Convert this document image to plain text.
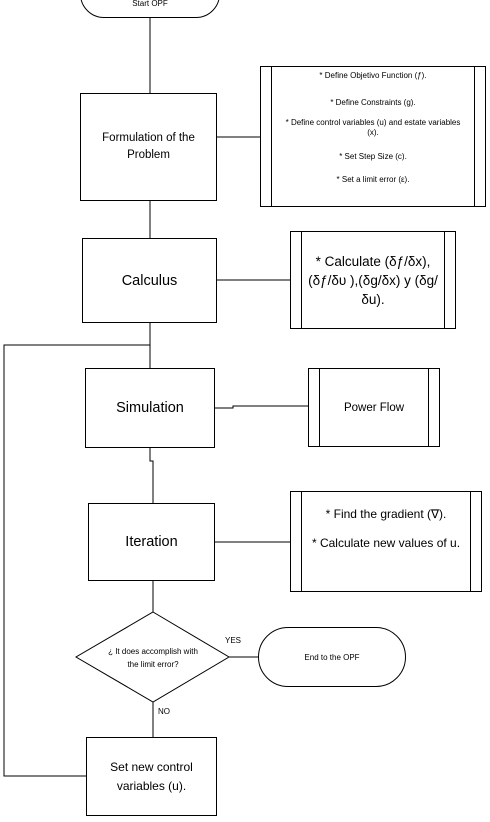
Start OPF
Formulation of the Problem
* Define Objetivo Function (ƒ).
* Define Constraints (g).
* Define control variables (u) and estate variables (x).
* Set Step Size (c).
* Set a limit error (ε).
Calculus
* Calculate (δƒ/δx), (δƒ/δυ ),(δg/δx) y (δg/δu).
Simulation	Power Flow
Iteration
* Find the gradient (∇).
* Calculate new values of u.
¿ It does accomplish with the limit error?
YES
NO
End to the OPF
Set new control variables (u).
